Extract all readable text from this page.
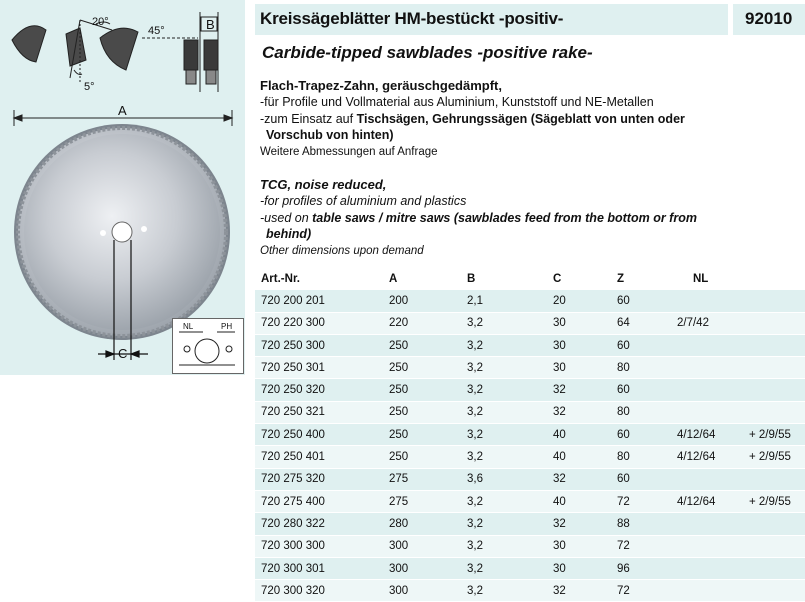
20°
5°
45°	B
A
C
NL	PH
Kreissägeblätter HM-bestückt -positiv-	92010
Carbide-tipped sawblades -positive rake-
Flach-Trapez-Zahn, geräuschgedämpft,
-für Profile und Vollmaterial aus Aluminium, Kunststoff und NE-Metallen
-zum Einsatz auf Tischsägen, Gehrungssägen (Sägeblatt von unten oder
Vorschub von hinten)
Weitere Abmessungen auf Anfrage
TCG, noise reduced,
-for profiles of aluminium and plastics
-used on table saws / mitre saws (sawblades feed from the bottom or from
behind)
Other dimensions upon demand
Art.-Nr.	A	B	C	Z	NL	
720 200 201	200	2,1	20	60		
720 220 300	220	3,2	30	64	2/7/42	
720 250 300	250	3,2	30	60		
720 250 301	250	3,2	30	80		
720 250 320	250	3,2	32	60		
720 250 321	250	3,2	32	80		
720 250 400	250	3,2	40	60	4/12/64	+ 2/9/55
720 250 401	250	3,2	40	80	4/12/64	+ 2/9/55
720 275 320	275	3,6	32	60		
720 275 400	275	3,2	40	72	4/12/64	+ 2/9/55
720 280 322	280	3,2	32	88		
720 300 300	300	3,2	30	72		
720 300 301	300	3,2	30	96		
720 300 320	300	3,2	32	72		
